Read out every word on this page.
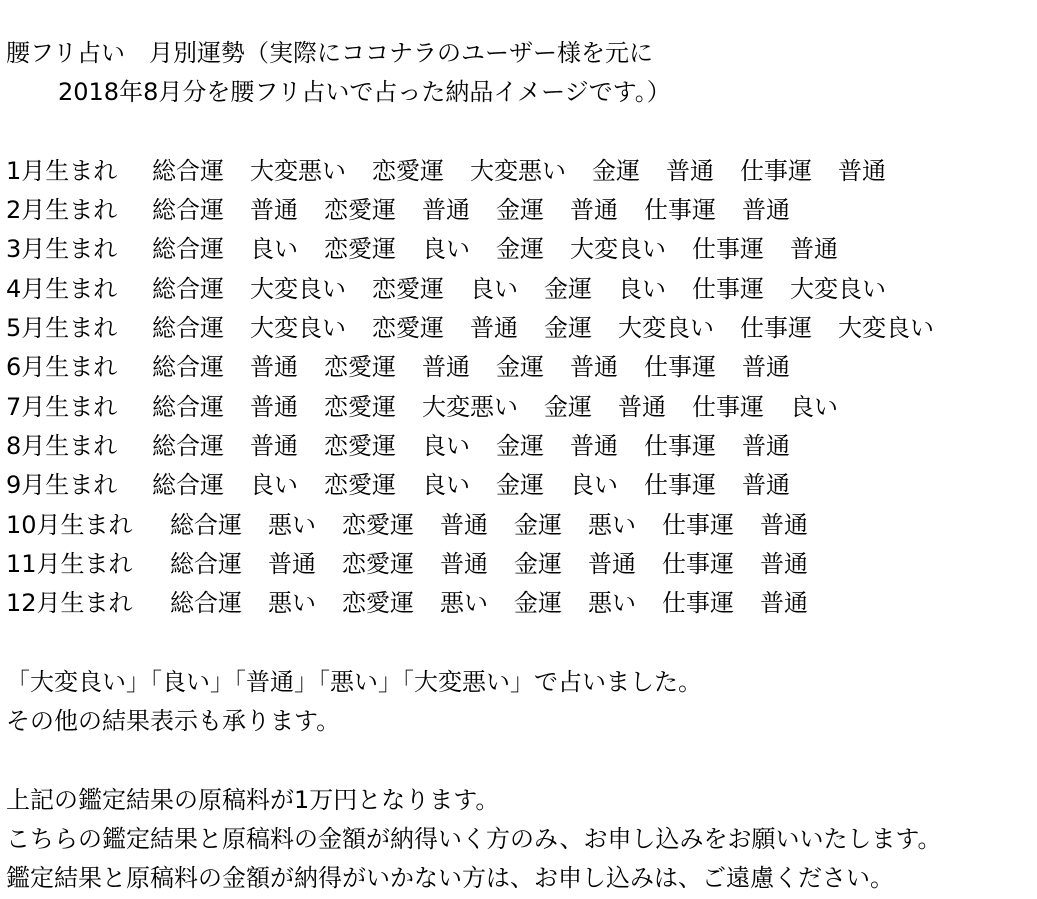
腰フリ占い　月別運勢（実際にココナラのユーザー様を元に
2018年8月分を腰フリ占いで占った納品イメージです。）
1月生まれ 総合運 大変悪い 恋愛運 大変悪い 金運 普通 仕事運 普通
2月生まれ 総合運 普通 恋愛運 普通 金運 普通 仕事運 普通
3月生まれ 総合運 良い 恋愛運 良い 金運 大変良い 仕事運 普通
4月生まれ 総合運 大変良い 恋愛運 良い 金運 良い 仕事運 大変良い
5月生まれ 総合運 大変良い 恋愛運 普通 金運 大変良い 仕事運 大変良い
6月生まれ 総合運 普通 恋愛運 普通 金運 普通 仕事運 普通
7月生まれ 総合運 普通 恋愛運 大変悪い 金運 普通 仕事運 良い
8月生まれ 総合運 普通 恋愛運 良い 金運 普通 仕事運 普通
9月生まれ 総合運 良い 恋愛運 良い 金運 良い 仕事運 普通
10月生まれ 総合運 悪い 恋愛運 普通 金運 悪い 仕事運 普通
11月生まれ 総合運 普通 恋愛運 普通 金運 普通 仕事運 普通
12月生まれ 総合運 悪い 恋愛運 悪い 金運 悪い 仕事運 普通
「大変良い」「良い」「普通」「悪い」「大変悪い」で占いました。
その他の結果表示も承ります。
上記の鑑定結果の原稿料が1万円となります。
こちらの鑑定結果と原稿料の金額が納得いく方のみ、お申し込みをお願いいたします。
鑑定結果と原稿料の金額が納得がいかない方は、お申し込みは、ご遠慮ください。
